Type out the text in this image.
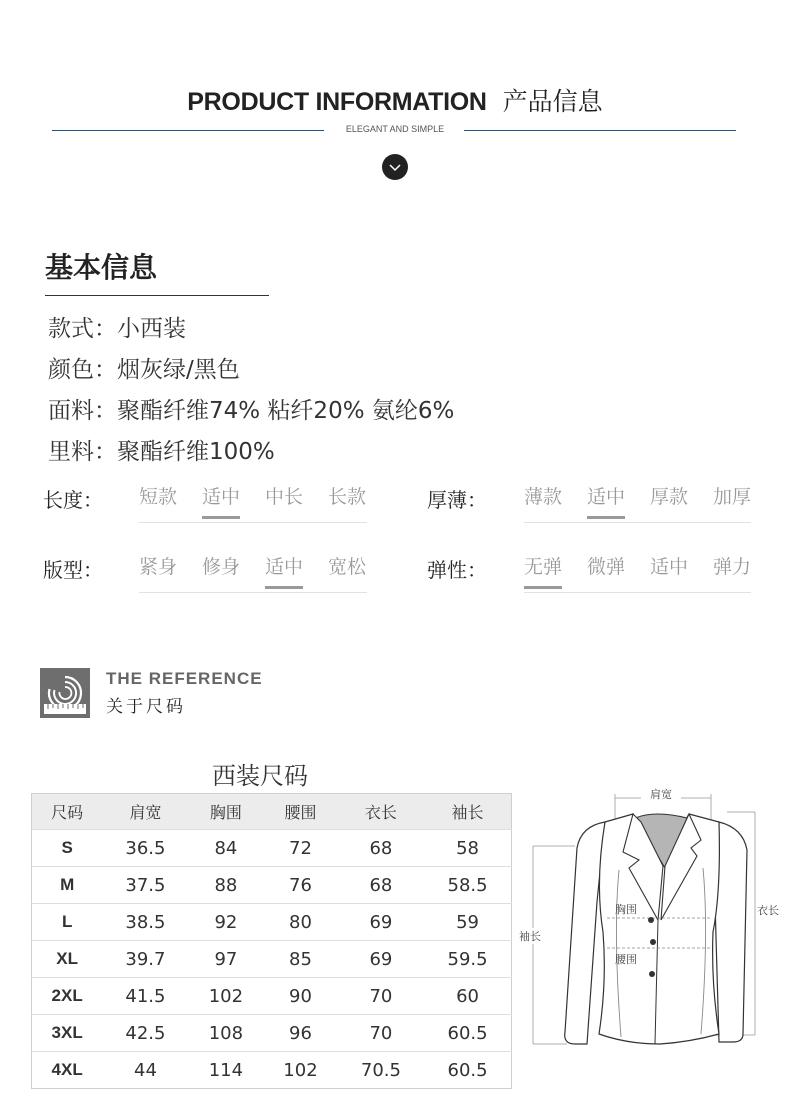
PRODUCT INFORMATION 产品信息
ELEGANT AND SIMPLE
基本信息
款式：小西装
颜色：烟灰绿/黑色
面料：聚酯纤维74% 粘纤20% 氨纶6%
里料：聚酯纤维100%
长度： 短款 适中 中长 长款	厚薄： 薄款 适中 厚款 加厚
版型： 紧身 修身 适中 宽松	弹性： 无弹 微弹 适中 弹力
THE REFERENCE
关于尺码
西装尺码
尺码	肩宽	胸围	腰围	衣长	袖长
S	36.5	84	72	68	58
M	37.5	88	76	68	58.5
L	38.5	92	80	69	59
XL	39.7	97	85	69	59.5
2XL	41.5	102	90	70	60
3XL	42.5	108	96	70	60.5
4XL	44	114	102	70.5	60.5
肩宽
衣长
袖长
胸围
腰围
